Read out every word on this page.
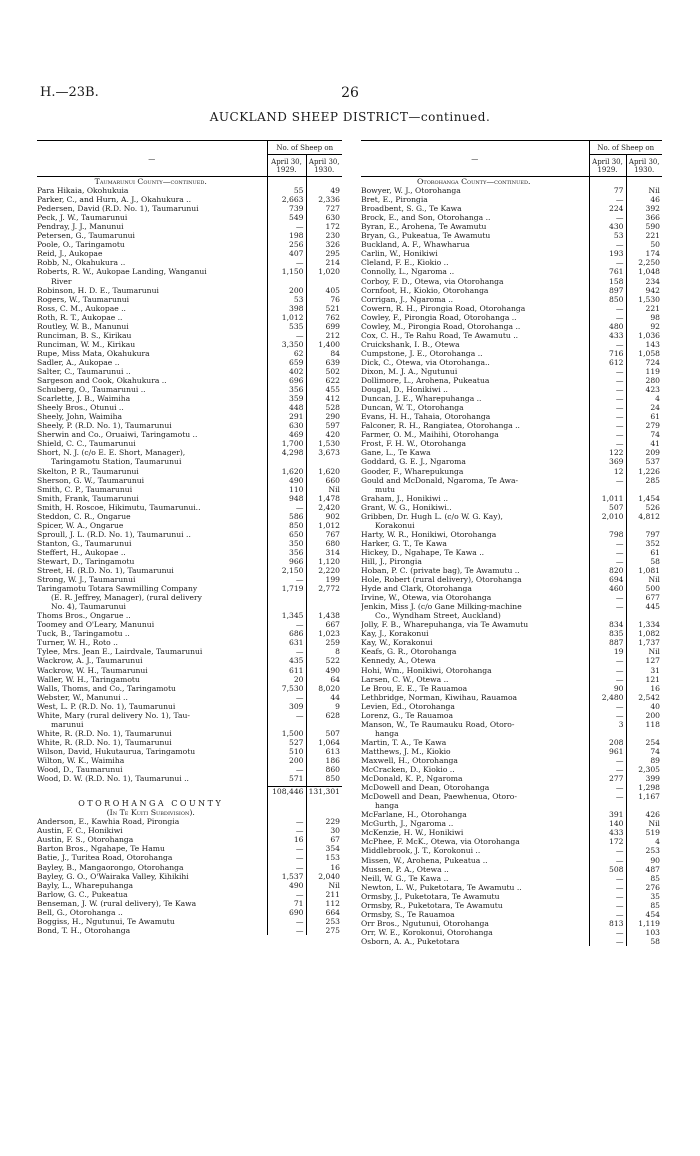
H.—23B.	26
AUCKLAND SHEEP DISTRICT—continued.
—	No. of Sheep on	
	April 30, 1929.	April 30, 1930.
Taumarunui County—continued.		
Para Hikaia, Okohukuia	55	49
Parker, C., and Hurn, A. J., Okahukura ..	2,663	2,336
Pedersen, David (R.D. No. 1), Taumarunui	739	727
Peck, J. W., Taumarunui	549	630
Pendray, J. J., Manunui	—	172
Petersen, G., Taumarunui	198	230
Poole, O., Taringamotu	256	326
Reid, J., Aukopae	407	295
Robb, N., Okahukura ..	—	214
Roberts, R. W., Aukopae Landing, Wanganui	1,150	1,020
River		
Robinson, H. D. E., Taumarunui	200	405
Rogers, W., Taumarunui	53	76
Ross, C. M., Aukopae ..	398	521
Roth, R. T., Aukopae ..	1,012	762
Routley, W. B., Manunui	535	699
Runciman, B. S., Kirikau	—	212
Runciman, W. M., Kirikau	3,350	1,400
Rupe, Miss Mata, Okahukura	62	84
Sadler, A., Aukopae ..	659	639
Salter, C., Taumarunui ..	402	502
Sargeson and Cook, Okahukura ..	696	622
Schuberg, O., Taumarunui ..	356	455
Scarlette, J. B., Waimiha	359	412
Sheely Bros., Otunui ..	448	528
Sheely, John, Waimiha	291	290
Sheely, P. (R.D. No. 1), Taumarunui	630	597
Sherwin and Co., Oruaiwi, Taringamotu ..	469	420
Shield, C. C., Taumarunui	1,700	1,530
Short, N. J. (c/o E. E. Short, Manager),	4,298	3,673
Taringamotu Station, Taumarunui		
Skelton, P. R., Taumarunui	1,620	1,620
Sherson, G. W., Taumarunui	490	660
Smith, C. P., Taumarunui	110	Nil
Smith, Frank, Taumarunui	948	1,478
Smith, H. Roscoe, Hikimutu, Taumarunui..	—	2,420
Steddon, C. R., Ongarue	586	902
Spicer, W. A., Ongarue	850	1,012
Sproull, J. L. (R.D. No. 1), Taumarunui ..	650	767
Stanton, G., Taumarunui	350	680
Steffert, H., Aukopae ..	356	314
Stewart, D., Taringamotu	966	1,120
Street, H. (R.D. No. 1), Taumarunui	2,150	2,220
Strong, W. J., Taumarunui	—	199
Taringamotu Totara Sawmilling Company	1,719	2,772
(E. R. Jeffrey, Manager), (rural delivery		
No. 4), Taumarunui		
Thoms Bros., Ongarue ..	1,345	1,438
Toomey and O'Leary, Manunui	—	667
Tuck, B., Taringamotu ..	686	1,023
Turner, W. H., Roto ..	631	259
Tylee, Mrs. Jean E., Lairdvale, Taumarunui	—	8
Wackrow, A. J., Taumarunui	435	522
Wackrow, W. H., Taumarunui	611	490
Waller, W. H., Taringamotu	20	64
Walls, Thoms, and Co., Taringamotu	7,530	8,020
Webster, W., Manunui ..	—	44
West, L. P. (R.D. No. 1), Taumarunui	309	9
White, Mary (rural delivery No. 1), Tau-	—	628
marunui		
White, R. (R.D. No. 1), Taumarunui	1,500	507
White, R. (R.D. No. 1), Taumarunui	527	1,064
Wilson, David, Hukutaurua, Taringamotu	510	613
Wilton, W. K., Waimiha	200	186
Wood, D., Taumarunui	—	860
Wood, D. W. (R.D. No. 1), Taumarunui ..	571	850

	108,446	131,301

OTOROHANGA COUNTY		
(In Te Kuiti Subdivision).		
Anderson, E., Kawhia Road, Pirongia	—	229
Austin, F. C., Honikiwi	—	30
Austin, F. S., Otorohanga	16	67
Barton Bros., Ngahape, Te Hamu	—	354
Batie, J., Turitea Road, Otorohanga	—	153
Bayley, B., Mangaorongo, Otorohanga	—	16
Bayley, G. O., O'Wairaka Valley, Kihikihi	1,537	2,040
Bayly, L., Wharepuhanga	490	Nil
Barlow, G. C., Pukeatua	—	211
Benseman, J. W. (rural delivery), Te Kawa	71	112
Bell, G., Otorohanga ..	690	664
Boggiss, H., Ngutunui, Te Awamutu	—	253
Bond, T. H., Otorohanga	—	275
—	No. of Sheep on	
	April 30, 1929.	April 30, 1930.
Otorohanga County—continued.		
Bowyer, W. J., Otorohanga	77	Nil
Bret, E., Pirongia	—	46
Broadbent, S. G., Te Kawa	224	392
Brock, E., and Son, Otorohanga ..	—	366
Byran, E., Arohena, Te Awamutu	430	590
Bryan, G., Pukeatua, Te Awamutu	53	221
Buckland, A. F., Whawharua	—	50
Carlin, W., Honikiwi	193	174
Cleland, F. E., Kiokio ..	—	2,250
Connolly, L., Ngaroma ..	761	1,048
Corboy, F. D., Otewa, via Otorohanga	158	234
Cornfoot, H., Kiokio, Otorohanga	897	942
Corrigan, J., Ngaroma ..	850	1,530
Cowern, R. H., Pirongia Road, Otorohanga	—	221
Cowley, F., Pirongia Road, Otorohanga ..	—	98
Cowley, M., Pirongia Road, Otorohanga ..	480	92
Cox, C. H., Te Rahu Road, Te Awamutu ..	433	1,036
Cruickshank, I. B., Otewa	—	143
Cumpstone, J. E., Otorohanga ..	716	1,058
Dick, C., Otewa, via Otorohanga..	612	724
Dixon, M. J. A., Ngutunui	—	119
Dollimore, L., Arohena, Pukeatua	—	280
Dougal, D., Honikiwi ..	—	423
Duncan, J. E., Wharepuhanga ..	—	4
Duncan, W. T., Otorohanga	—	24
Evans, H. H., Tahaia, Otorohanga	—	61
Falconer, R. H., Rangiatea, Otorohanga ..	—	279
Farmer, O. M., Maihihi, Otorohanga	—	74
Frost, F. H. W., Otorohanga	—	41
Gane, L., Te Kawa	122	209
Goddard, G. E. J., Ngaroma	369	537
Gooder, F., Wharepukunga	12	1,226
Gould and McDonald, Ngaroma, Te Awa-	—	285
mutu		
Graham, J., Honikiwi ..	1,011	1,454
Grant, W. G., Honikiwi..	507	526
Gribben, Dr. Hugh L. (c/o W. G. Kay),	2,010	4,812
Korakonui		
Harty, W. R., Honikiwi, Otorohanga	798	797
Harker, G. T., Te Kawa	—	352
Hickey, D., Ngahape, Te Kawa ..	—	61
Hill, J., Pirongia	—	58
Hoban, P. C. (private bag), Te Awamutu ..	820	1,081
Hole, Robert (rural delivery), Otorohanga	694	Nil
Hyde and Clark, Otorohanga	460	500
Irvine, W., Otewa, via Otorohanga	—	677
Jenkin, Miss J. (c/o Gane Milking-machine	—	445
Co., Wyndham Street, Auckland)		
Jolly, F. B., Wharepuhanga, via Te Awamutu	834	1,334
Kay, J., Korakonui	835	1,082
Kay, W., Korakonui	887	1,737
Keafs, G. R., Otorohanga	19	Nil
Kennedy, A., Otewa	—	127
Hohi, Wm., Honikiwi, Otorohanga	—	31
Larsen, C. W., Otewa ..	—	121
Le Brou, E. E., Te Rauamoa	90	16
Lethbridge, Norman, Kiwihau, Rauamoa	2,480	2,542
Levien, Ed., Otorohanga	—	40
Lorenz, G., Te Rauamoa	—	200
Manson, W., Te Raumauku Road, Otoro-	3	118
hanga		
Martin, T. A., Te Kawa	208	254
Matthews, J. M., Kiokio	961	74
Maxwell, H., Otorohanga	—	89
McCracken, D., Kiokio ..	—	2,305
McDonald, K. P., Ngaroma	277	399
McDowell and Dean, Otorohanga	—	1,298
McDowell and Dean, Paewhenua, Otoro-	—	1,167
hanga		
McFarlane, H., Otorohanga	391	426
McGurth, J., Ngaroma ..	140	Nil
McKenzie, H. W., Honikiwi	433	519
McPhee, F. McK., Otewa, via Otorohanga	172	4
Middlebrook, J. T., Korokonui ..	—	253
Missen, W., Arohena, Pukeatua ..	—	90
Mussen, P. A., Otewa ..	508	487
Neill, W. G., Te Kawa ..	—	85
Newton, L. W., Puketotara, Te Awamutu ..	—	276
Ormsby, J., Puketotara, Te Awamutu	—	35
Ormsby, R., Puketotara, Te Awamutu	—	85
Ormsby, S., Te Rauamoa	—	454
Orr Bros., Ngutunui, Otorohanga	813	1,119
Orr, W. E., Korokonui, Otorohanga	—	103
Osborn, A. A., Puketotara	—	58
